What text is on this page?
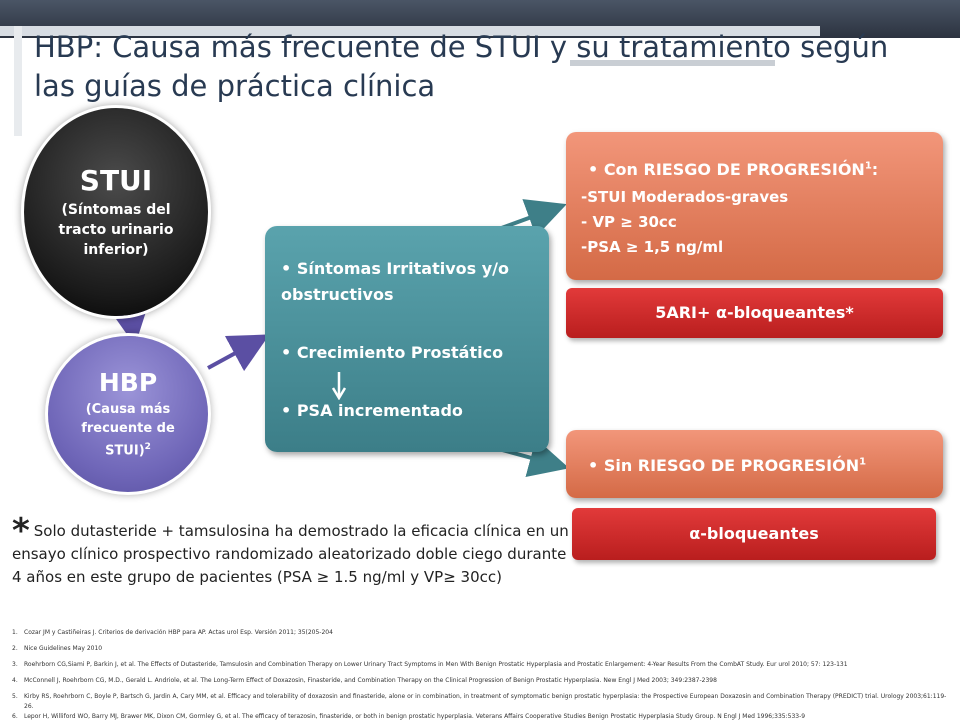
HBP: Causa más frecuente de STUI y su tratamiento según las guías de práctica clínica
STUI
(Síntomas del tracto urinario inferior)
HBP
(Causa más frecuente de STUI)$^2$
• Síntomas Irritativos y/o obstructivos
• Crecimiento Prostático
• PSA incrementado
• Con RIESGO DE PROGRESIÓN$^1$:
-STUI Moderados-graves
- VP ≥ 30cc
-PSA ≥ 1,5 ng/ml
5ARI+ α-bloqueantes*
• Sin RIESGO DE PROGRESIÓN$^1$
α-bloqueantes
* Solo dutasteride + tamsulosina ha demostrado la eficacia clínica en un ensayo clínico prospectivo randomizado aleatorizado doble ciego durante 4 años en este grupo de pacientes (PSA ≥ 1.5 ng/ml y VP≥ 30cc)
1. Cozar JM y Castiñeiras J. Criterios de derivación HBP para AP. Actas urol Esp. Versión 2011; 35(205-204
2. Nice Guidelines May 2010
3. Roehrborn CG,Siami P, Barkin J, et al. The Effects of Dutasteride, Tamsulosin and Combination Therapy on Lower Urinary Tract Symptoms in Men With Benign Prostatic Hyperplasia and Prostatic Enlargement: 4-Year Results From the CombAT Study. Eur urol 2010; 57: 123-131
4. McConnell J, Roehrborn CG, M.D., Gerald L. Andriole, et al. The Long-Term Effect of Doxazosin, Finasteride, and Combination Therapy on the Clinical Progression of Benign Prostatic Hyperplasia. New Engl J Med 2003; 349:2387-2398
5. Kirby RS, Roehrborn C, Boyle P, Bartsch G, Jardin A, Cary MM, et al. Efficacy and tolerability of doxazosin and finasteride, alone or in combination, in treatment of symptomatic benign prostatic hyperplasia: the Prospective European Doxazosin and Combination Therapy (PREDICT) trial. Urology 2003;61:119-26.
6. Lepor H, Williford WO, Barry MJ, Brawer MK, Dixon CM, Gormley G, et al. The efficacy of terazosin, finasteride, or both in benign prostatic hyperplasia. Veterans Affairs Cooperative Studies Benign Prostatic Hyperplasia Study Group. N Engl J Med 1996;335:533-9
